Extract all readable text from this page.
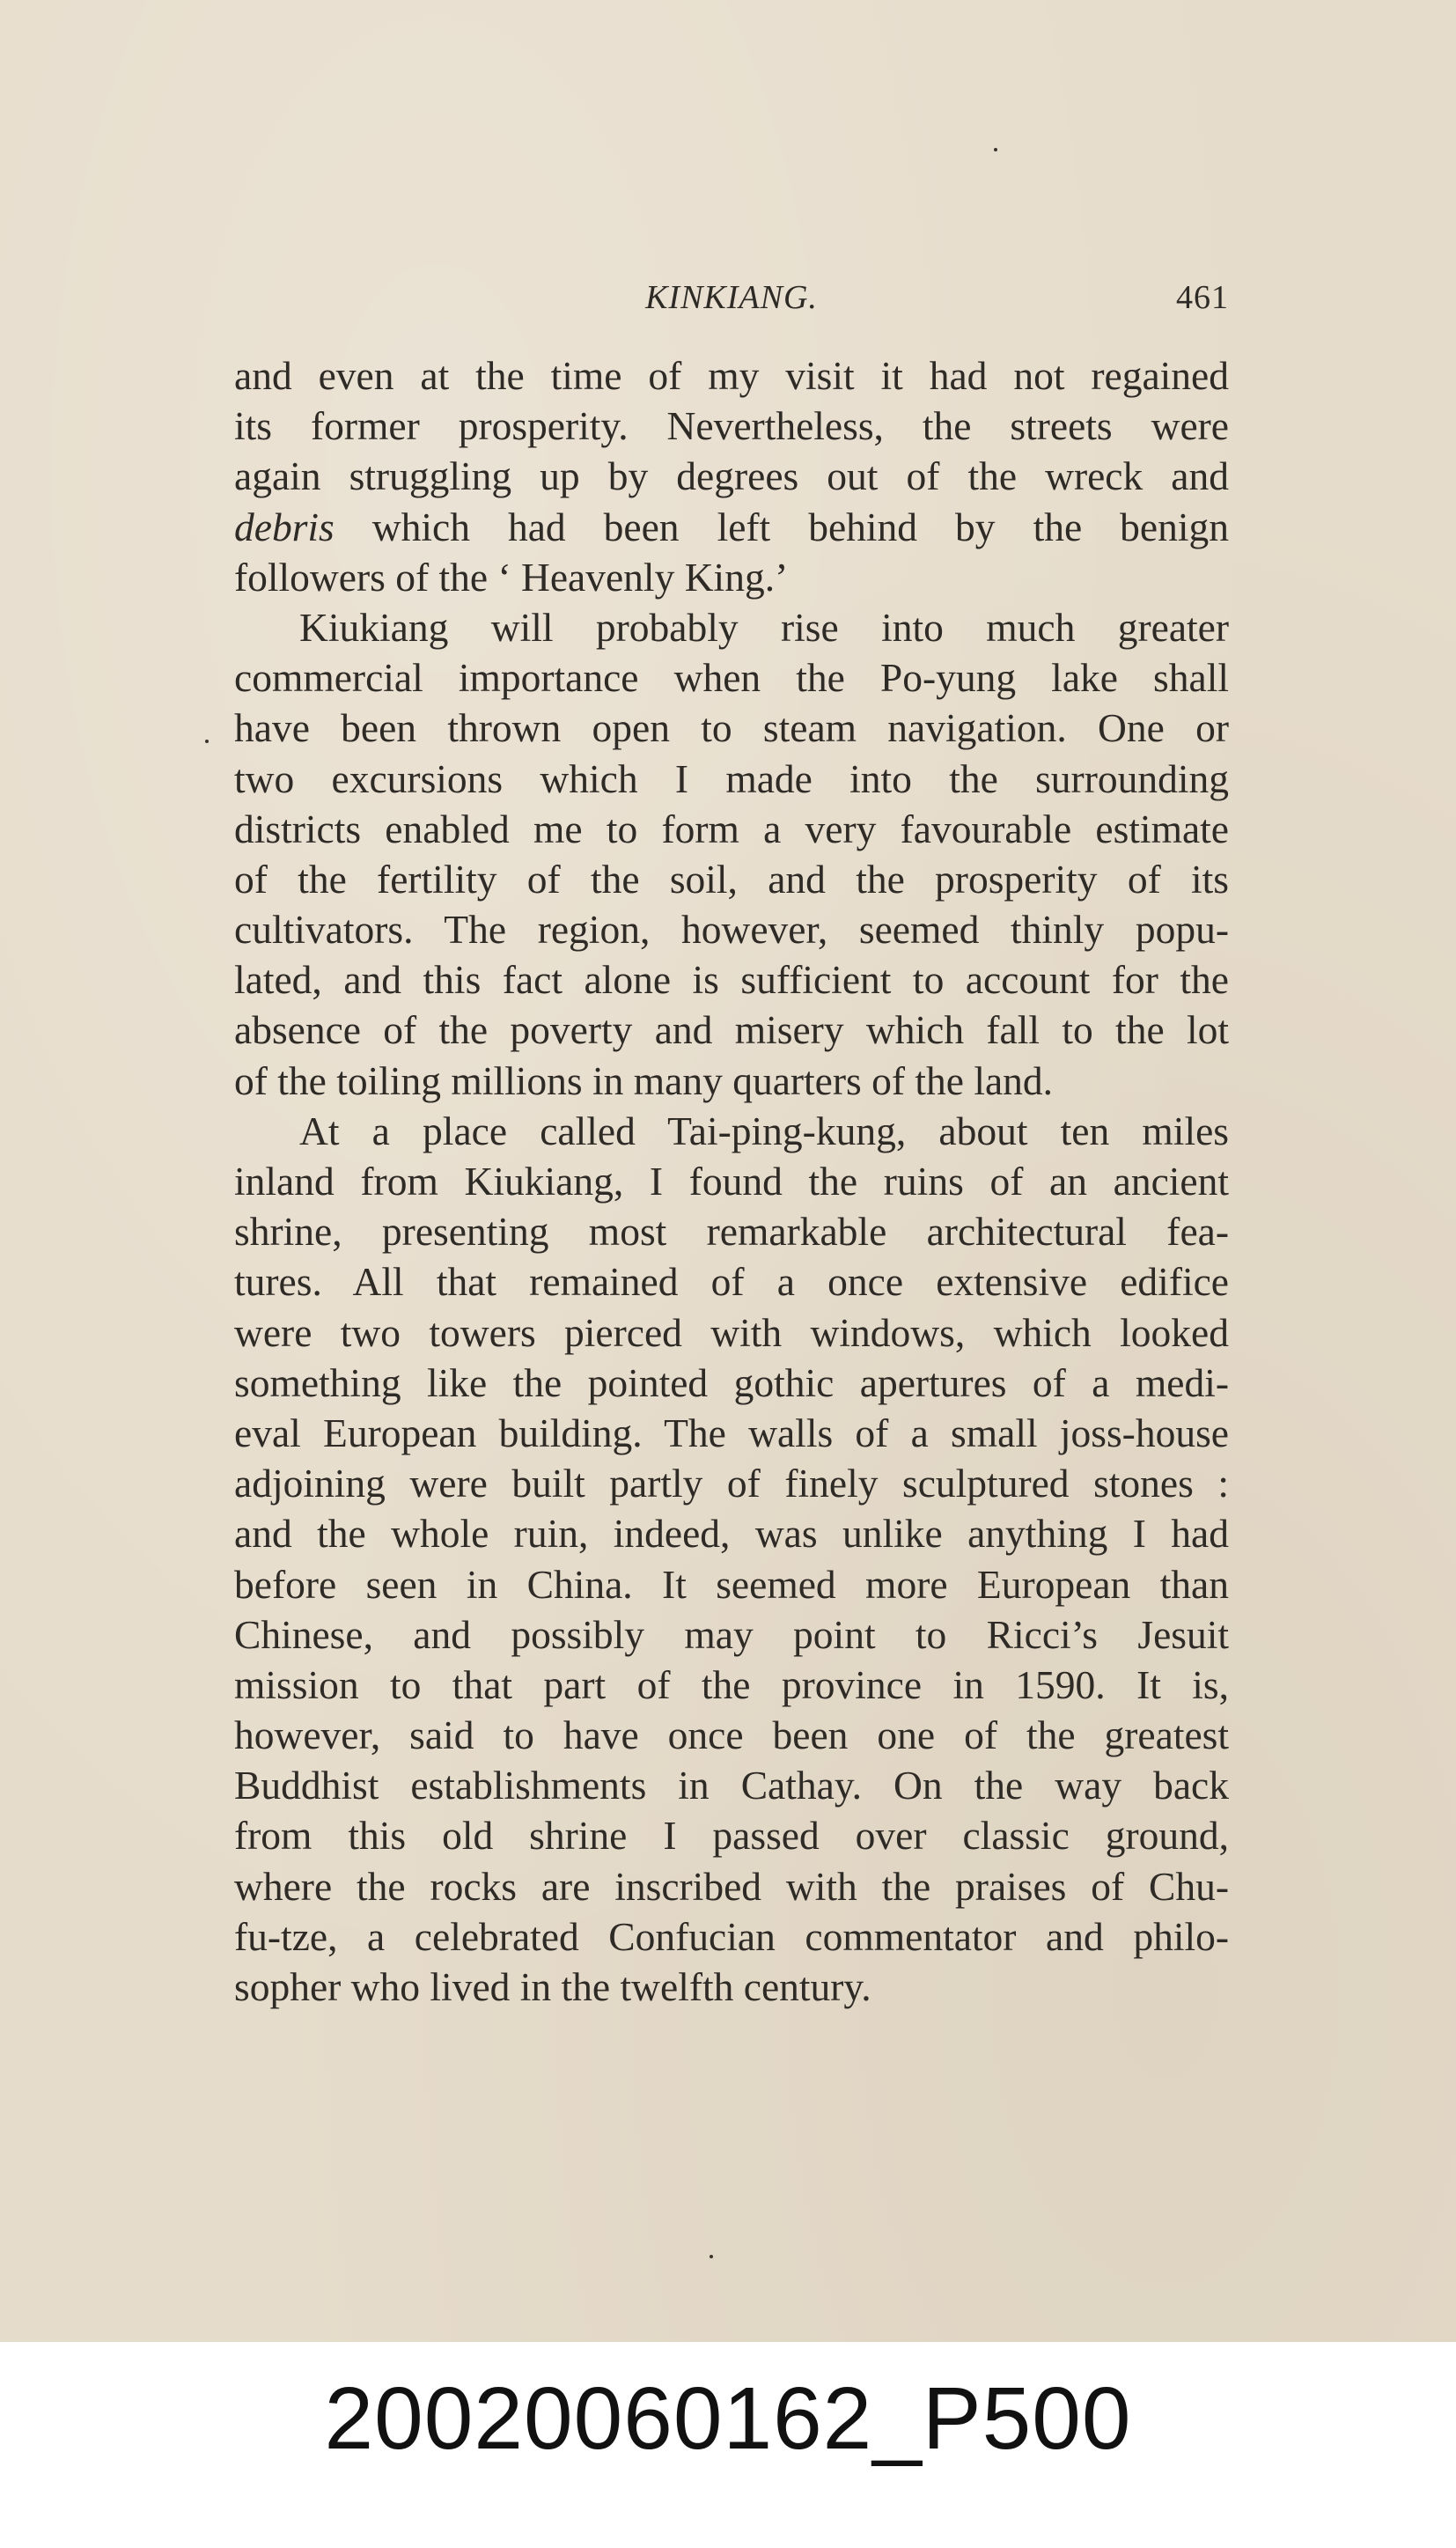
KINKIANG.	461
and even at the time of my visit it had not regained
its former prosperity. Nevertheless, the streets were
again struggling up by degrees out of the wreck and
debris which had been left behind by the benign
followers of the ‘ Heavenly King.’
Kiukiang will probably rise into much greater
commercial importance when the Po-yung lake shall
have been thrown open to steam navigation. One or
two excursions which I made into the surrounding
districts enabled me to form a very favourable estimate
of the fertility of the soil, and the prosperity of its
cultivators. The region, however, seemed thinly popu-
lated, and this fact alone is sufficient to account for the
absence of the poverty and misery which fall to the lot
of the toiling millions in many quarters of the land.
At a place called Tai-ping-kung, about ten miles
inland from Kiukiang, I found the ruins of an ancient
shrine, presenting most remarkable architectural fea-
tures. All that remained of a once extensive edifice
were two towers pierced with windows, which looked
something like the pointed gothic apertures of a medi-
eval European building. The walls of a small joss-house
adjoining were built partly of finely sculptured stones :
and the whole ruin, indeed, was unlike anything I had
before seen in China. It seemed more European than
Chinese, and possibly may point to Ricci’s Jesuit
mission to that part of the province in 1590. It is,
however, said to have once been one of the greatest
Buddhist establishments in Cathay. On the way back
from this old shrine I passed over classic ground,
where the rocks are inscribed with the praises of Chu-
fu-tze, a celebrated Confucian commentator and philo-
sopher who lived in the twelfth century.
20020060162_P500
